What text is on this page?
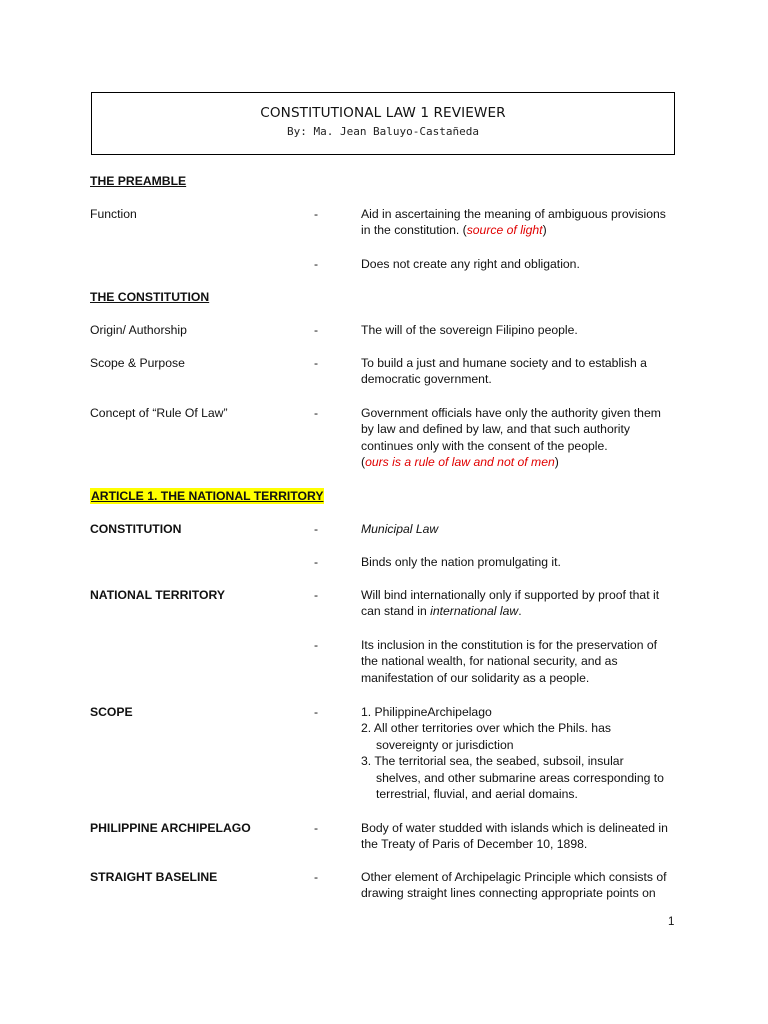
CONSTITUTIONAL LAW 1 REVIEWER
By: Ma. Jean Baluyo-Castañeda
THE PREAMBLE
THE CONSTITUTION
ARTICLE 1. THE NATIONAL TERRITORY
Function	-	Aid in ascertaining the meaning of ambiguous provisions
in the constitution. (source of light)
-	Does not create any right and obligation.
Origin/ Authorship	-	The will of the sovereign Filipino people.
Scope & Purpose	-	To build a just and humane society and to establish a
democratic government.
Concept of “Rule Of Law”	-	Government officials have only the authority given them
by law and defined by law, and that such authority
continues only with the consent of the people.
(ours is a rule of law and not of men)
CONSTITUTION	-	Municipal Law
-	Binds only the nation promulgating it.
NATIONAL TERRITORY	-	Will bind internationally only if supported by proof that it
can stand in international law.
-	Its inclusion in the constitution is for the preservation of
the national wealth, for national security, and as
manifestation of our solidarity as a people.
SCOPE	-	1. PhilippineArchipelago
2. All other territories over which the Phils. has
sovereignty or jurisdiction
3. The territorial sea, the seabed, subsoil, insular
shelves, and other submarine areas corresponding to
terrestrial, fluvial, and aerial domains.
PHILIPPINE ARCHIPELAGO	-	Body of water studded with islands which is delineated in
the Treaty of Paris of December 10, 1898.
STRAIGHT BASELINE	-	Other element of Archipelagic Principle which consists of
drawing straight lines connecting appropriate points on
1
